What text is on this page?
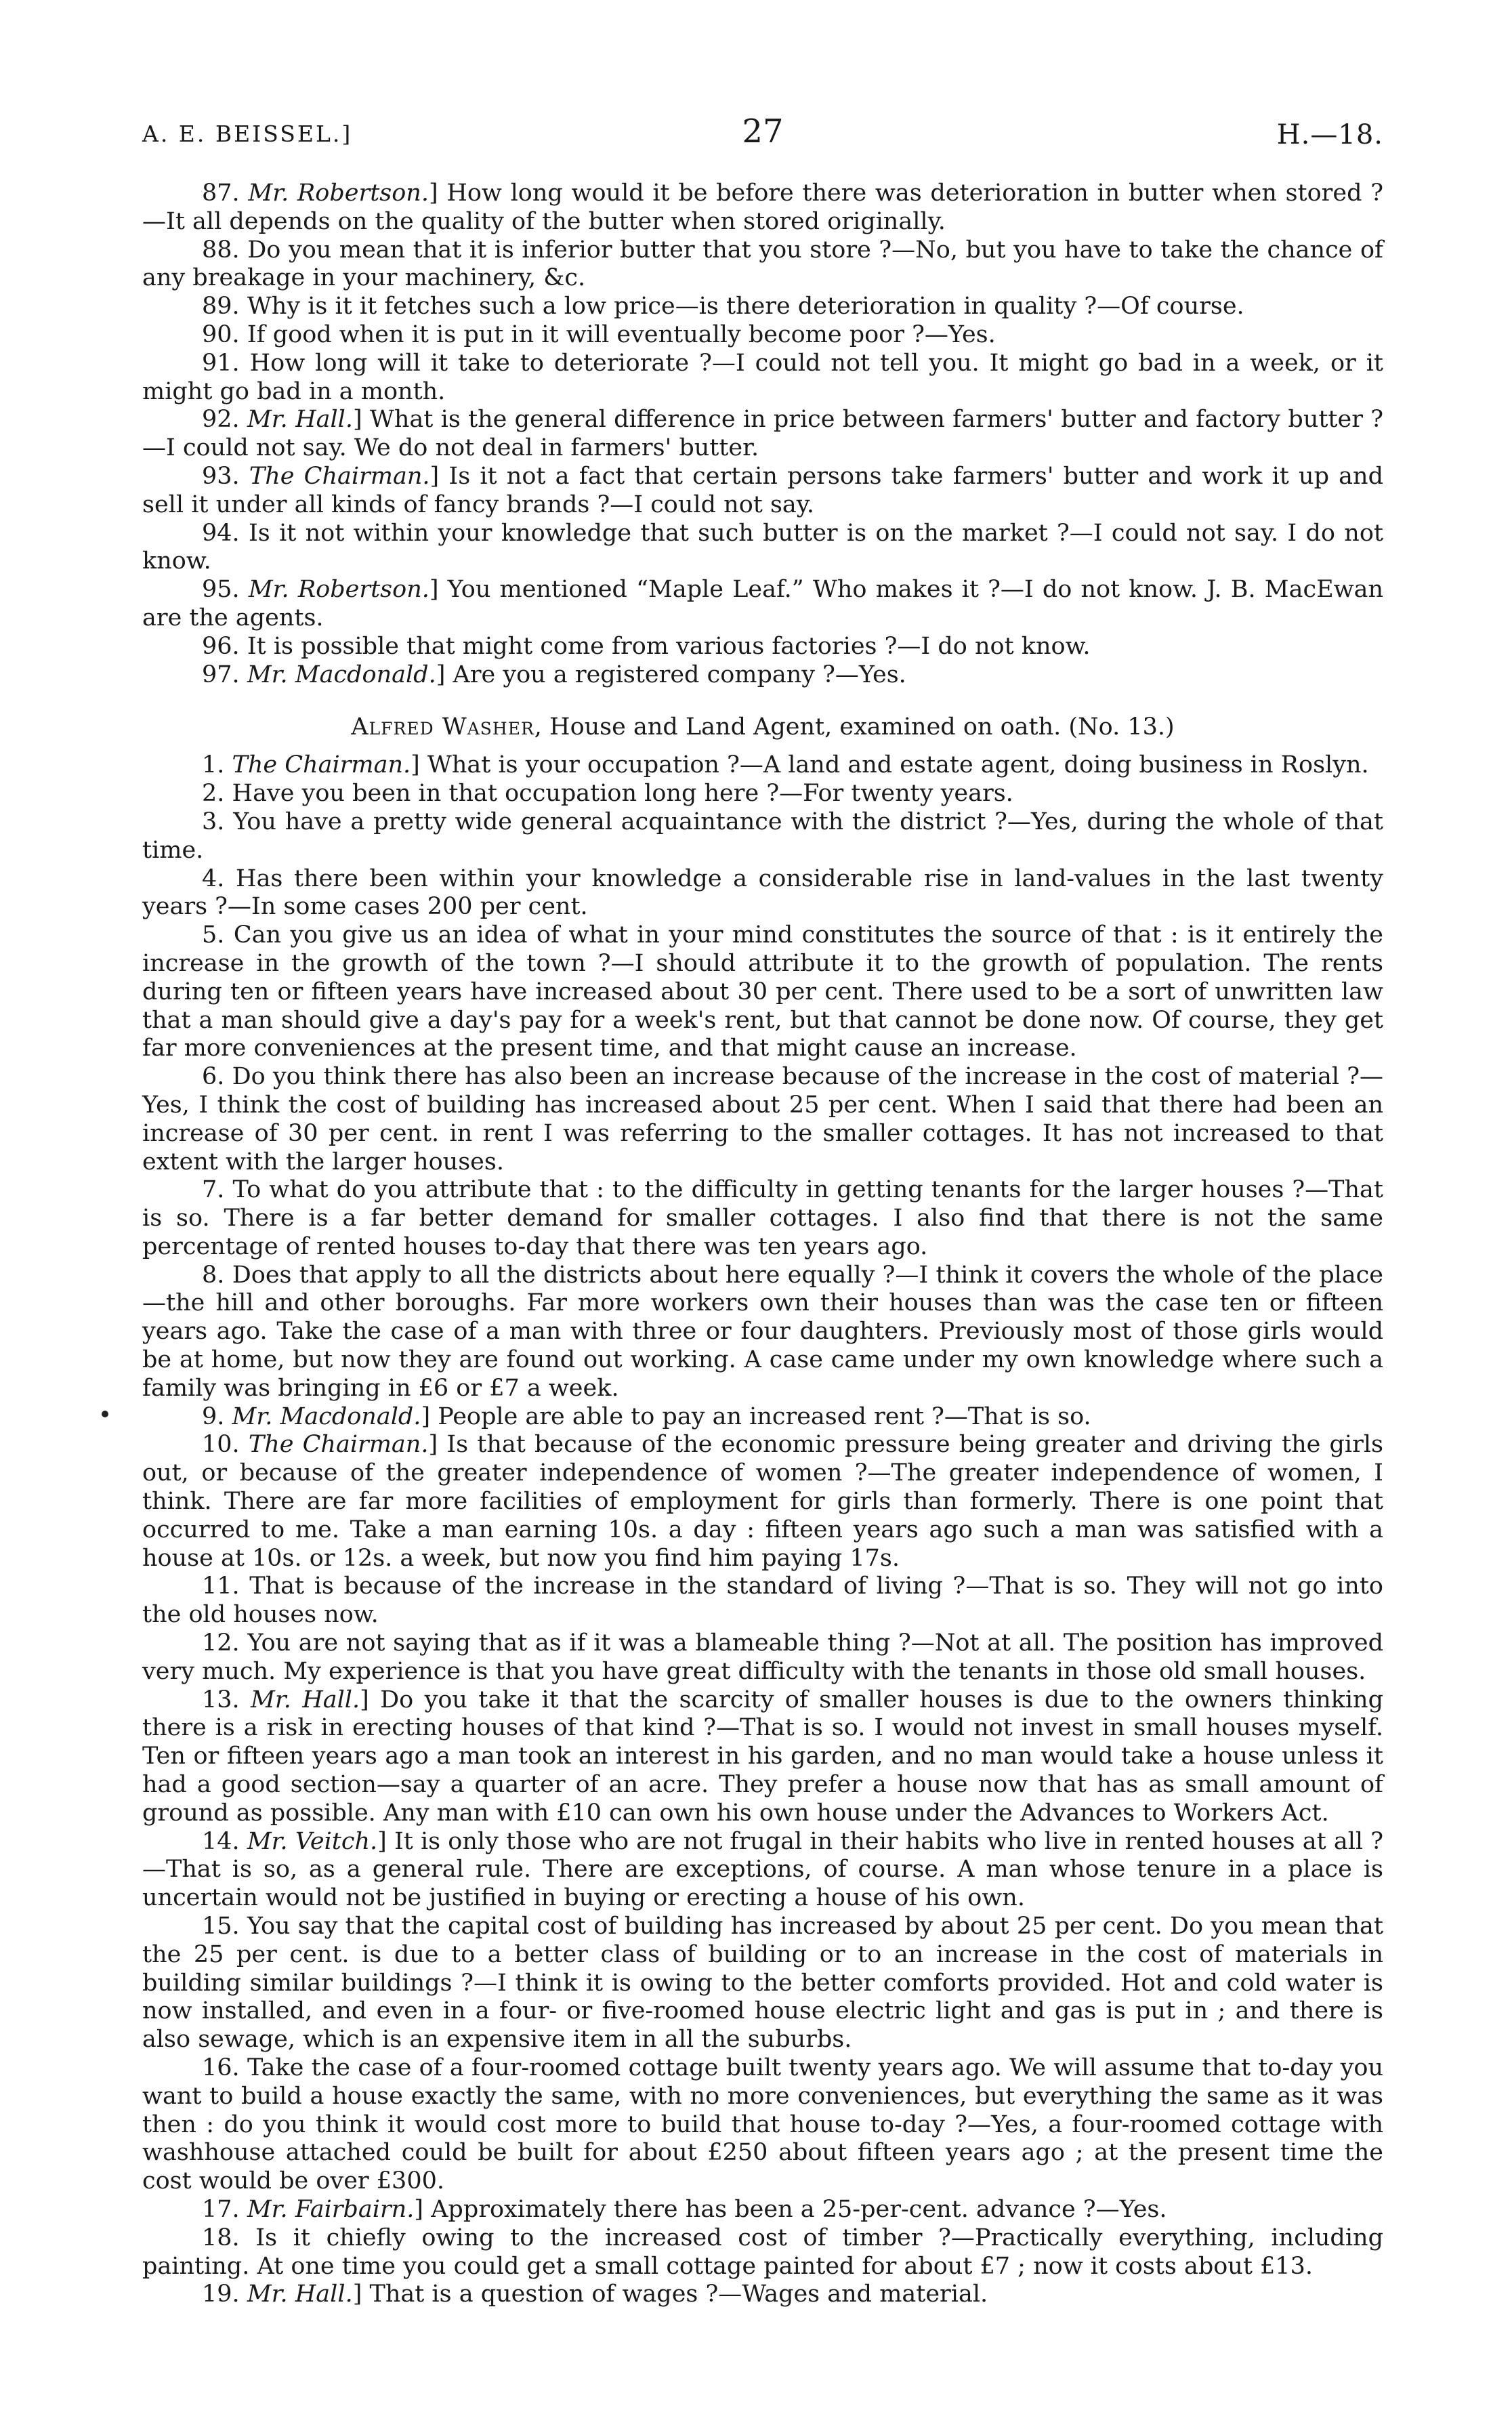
A. E. BEISSEL.]	27	H.—18.

87. Mr. Robertson.] How long would it be before there was deterioration in butter when stored ?—It all depends on the quality of the butter when stored originally.

88. Do you mean that it is inferior butter that you store ?—No, but you have to take the chance of any breakage in your machinery, &c.

89. Why is it it fetches such a low price—is there deterioration in quality ?—Of course.

90. If good when it is put in it will eventually become poor ?—Yes.

91. How long will it take to deteriorate ?—I could not tell you. It might go bad in a week, or it might go bad in a month.

92. Mr. Hall.] What is the general difference in price between farmers' butter and factory butter ?—I could not say. We do not deal in farmers' butter.

93. The Chairman.] Is it not a fact that certain persons take farmers' butter and work it up and sell it under all kinds of fancy brands ?—I could not say.

94. Is it not within your knowledge that such butter is on the market ?—I could not say. I do not know.

95. Mr. Robertson.] You mentioned “Maple Leaf.” Who makes it ?—I do not know. J. B. MacEwan are the agents.

96. It is possible that might come from various factories ?—I do not know.

97. Mr. Macdonald.] Are you a registered company ?—Yes.

Alfred Washer, House and Land Agent, examined on oath. (No. 13.)

1. The Chairman.] What is your occupation ?—A land and estate agent, doing business in Roslyn.

2. Have you been in that occupation long here ?—For twenty years.

3. You have a pretty wide general acquaintance with the district ?—Yes, during the whole of that time.

4. Has there been within your knowledge a considerable rise in land-values in the last twenty years ?—In some cases 200 per cent.

5. Can you give us an idea of what in your mind constitutes the source of that : is it entirely the increase in the growth of the town ?—I should attribute it to the growth of population. The rents during ten or fifteen years have increased about 30 per cent. There used to be a sort of unwritten law that a man should give a day's pay for a week's rent, but that cannot be done now. Of course, they get far more conveniences at the present time, and that might cause an increase.

6. Do you think there has also been an increase because of the increase in the cost of material ?—Yes, I think the cost of building has increased about 25 per cent. When I said that there had been an increase of 30 per cent. in rent I was referring to the smaller cottages. It has not increased to that extent with the larger houses.

7. To what do you attribute that : to the difficulty in getting tenants for the larger houses ?—That is so. There is a far better demand for smaller cottages. I also find that there is not the same percentage of rented houses to-day that there was ten years ago.

8. Does that apply to all the districts about here equally ?—I think it covers the whole of the place —the hill and other boroughs. Far more workers own their houses than was the case ten or fifteen years ago. Take the case of a man with three or four daughters. Previously most of those girls would be at home, but now they are found out working. A case came under my own knowledge where such a family was bringing in £6 or £7 a week.

9. Mr. Macdonald.] People are able to pay an increased rent ?—That is so.

10. The Chairman.] Is that because of the economic pressure being greater and driving the girls out, or because of the greater independence of women ?—The greater independence of women, I think. There are far more facilities of employment for girls than formerly. There is one point that occurred to me. Take a man earning 10s. a day : fifteen years ago such a man was satisfied with a house at 10s. or 12s. a week, but now you find him paying 17s.

11. That is because of the increase in the standard of living ?—That is so. They will not go into the old houses now.

12. You are not saying that as if it was a blameable thing ?—Not at all. The position has improved very much. My experience is that you have great difficulty with the tenants in those old small houses.

13. Mr. Hall.] Do you take it that the scarcity of smaller houses is due to the owners thinking there is a risk in erecting houses of that kind ?—That is so. I would not invest in small houses myself. Ten or fifteen years ago a man took an interest in his garden, and no man would take a house unless it had a good section—say a quarter of an acre. They prefer a house now that has as small amount of ground as possible. Any man with £10 can own his own house under the Advances to Workers Act.

14. Mr. Veitch.] It is only those who are not frugal in their habits who live in rented houses at all ?—That is so, as a general rule. There are exceptions, of course. A man whose tenure in a place is uncertain would not be justified in buying or erecting a house of his own.

15. You say that the capital cost of building has increased by about 25 per cent. Do you mean that the 25 per cent. is due to a better class of building or to an increase in the cost of materials in building similar buildings ?—I think it is owing to the better comforts provided. Hot and cold water is now installed, and even in a four- or five-roomed house electric light and gas is put in ; and there is also sewage, which is an expensive item in all the suburbs.

16. Take the case of a four-roomed cottage built twenty years ago. We will assume that to-day you want to build a house exactly the same, with no more conveniences, but everything the same as it was then : do you think it would cost more to build that house to-day ?—Yes, a four-roomed cottage with washhouse attached could be built for about £250 about fifteen years ago ; at the present time the cost would be over £300.

17. Mr. Fairbairn.] Approximately there has been a 25-per-cent. advance ?—Yes.

18. Is it chiefly owing to the increased cost of timber ?—Practically everything, including painting. At one time you could get a small cottage painted for about £7 ; now it costs about £13.

19. Mr. Hall.] That is a question of wages ?—Wages and material.
